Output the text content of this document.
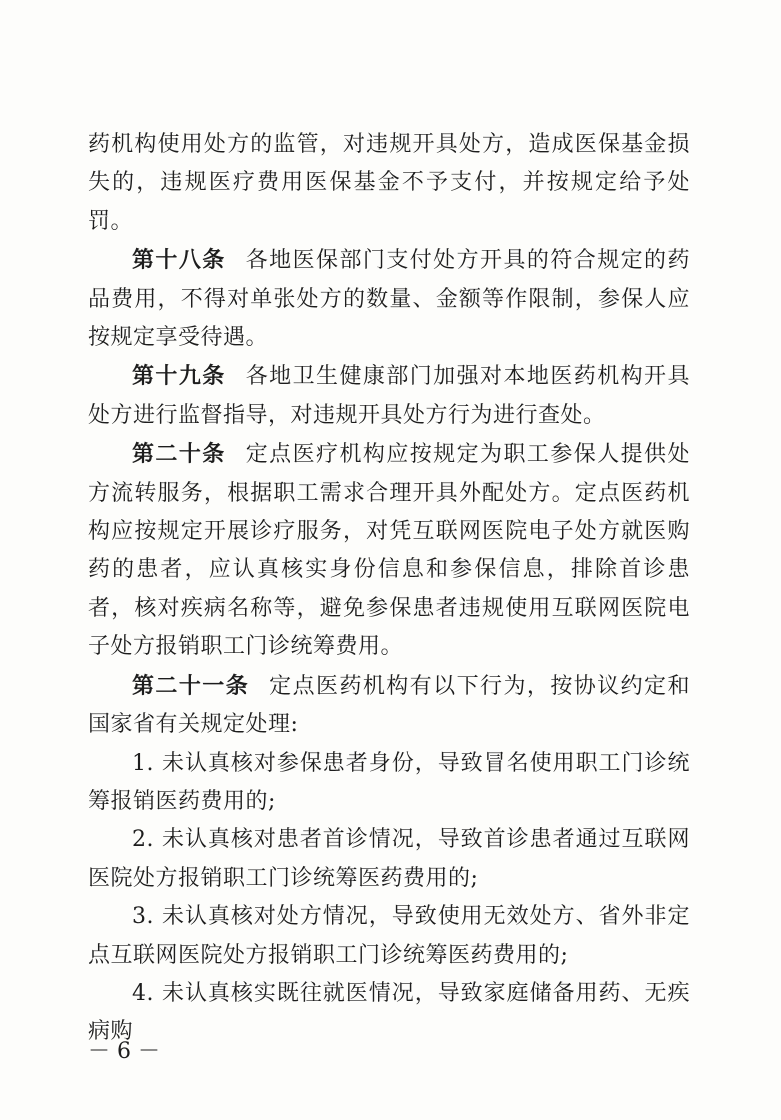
药机构使用处方的监管，对违规开具处方，造成医保基金损失的，违规医疗费用医保基金不予支付，并按规定给予处罚。

第十八条 各地医保部门支付处方开具的符合规定的药品费用，不得对单张处方的数量、金额等作限制，参保人应按规定享受待遇。

第十九条 各地卫生健康部门加强对本地医药机构开具处方进行监督指导，对违规开具处方行为进行查处。

第二十条 定点医疗机构应按规定为职工参保人提供处方流转服务，根据职工需求合理开具外配处方。定点医药机构应按规定开展诊疗服务，对凭互联网医院电子处方就医购药的患者，应认真核实身份信息和参保信息，排除首诊患者，核对疾病名称等，避免参保患者违规使用互联网医院电子处方报销职工门诊统筹费用。

第二十一条 定点医药机构有以下行为，按协议约定和国家省有关规定处理:

1. 未认真核对参保患者身份，导致冒名使用职工门诊统筹报销医药费用的;

2. 未认真核对患者首诊情况，导致首诊患者通过互联网医院处方报销职工门诊统筹医药费用的;

3. 未认真核对处方情况，导致使用无效处方、省外非定点互联网医院处方报销职工门诊统筹医药费用的;

4. 未认真核实既往就医情况，导致家庭储备用药、无疾病购

－ 6 －
